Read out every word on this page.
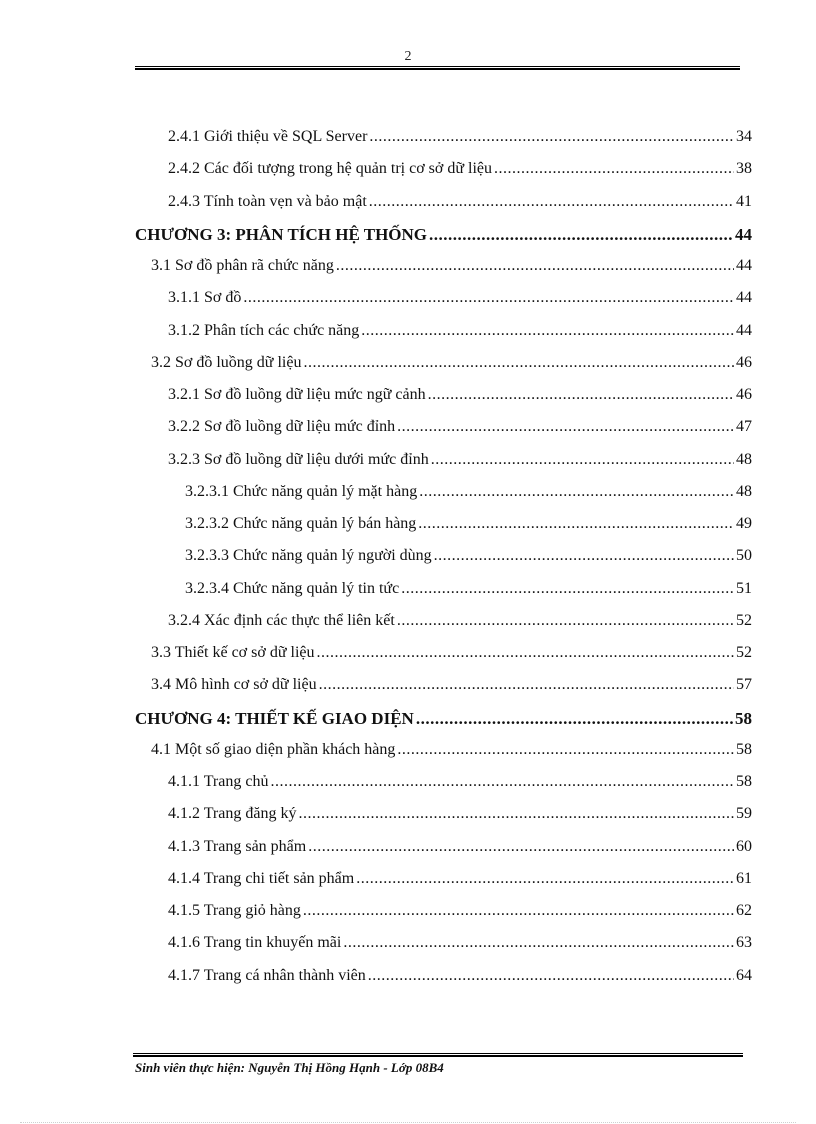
2
2.4.1 Giới thiệu về SQL Server .....	34
2.4.2 Các đối tượng trong hệ quản trị cơ sở dữ liệu .....	38
2.4.3 Tính toàn vẹn và bảo mật .....	41
CHƯƠNG 3: PHÂN TÍCH HỆ THỐNG .....	44
3.1 Sơ đồ phân rã chức năng .....	44
3.1.1 Sơ đồ .....	44
3.1.2 Phân tích các chức năng .....	44
3.2 Sơ đồ luồng dữ liệu .....	46
3.2.1 Sơ đồ luồng dữ liệu mức ngữ cảnh .....	46
3.2.2 Sơ đồ luồng dữ liệu mức đỉnh .....	47
3.2.3 Sơ đồ luồng dữ liệu dưới mức đỉnh .....	48
3.2.3.1 Chức năng quản lý mặt hàng .....	48
3.2.3.2 Chức năng quản lý bán hàng .....	49
3.2.3.3 Chức năng quản lý người dùng .....	50
3.2.3.4 Chức năng quản lý tin tức .....	51
3.2.4 Xác định các thực thể liên kết .....	52
3.3 Thiết kế cơ sở dữ liệu .....	52
3.4 Mô hình cơ sở dữ liệu .....	57
CHƯƠNG 4: THIẾT KẾ GIAO DIỆN .....	58
4.1 Một số giao diện phần khách hàng .....	58
4.1.1 Trang chủ .....	58
4.1.2 Trang đăng ký .....	59
4.1.3 Trang sản phẩm .....	60
4.1.4 Trang chi tiết sản phẩm .....	61
4.1.5 Trang giỏ hàng .....	62
4.1.6 Trang tin khuyến mãi .....	63
4.1.7 Trang cá nhân thành viên .....	64
Sinh viên thực hiện: Nguyễn Thị Hồng Hạnh - Lớp 08B4
